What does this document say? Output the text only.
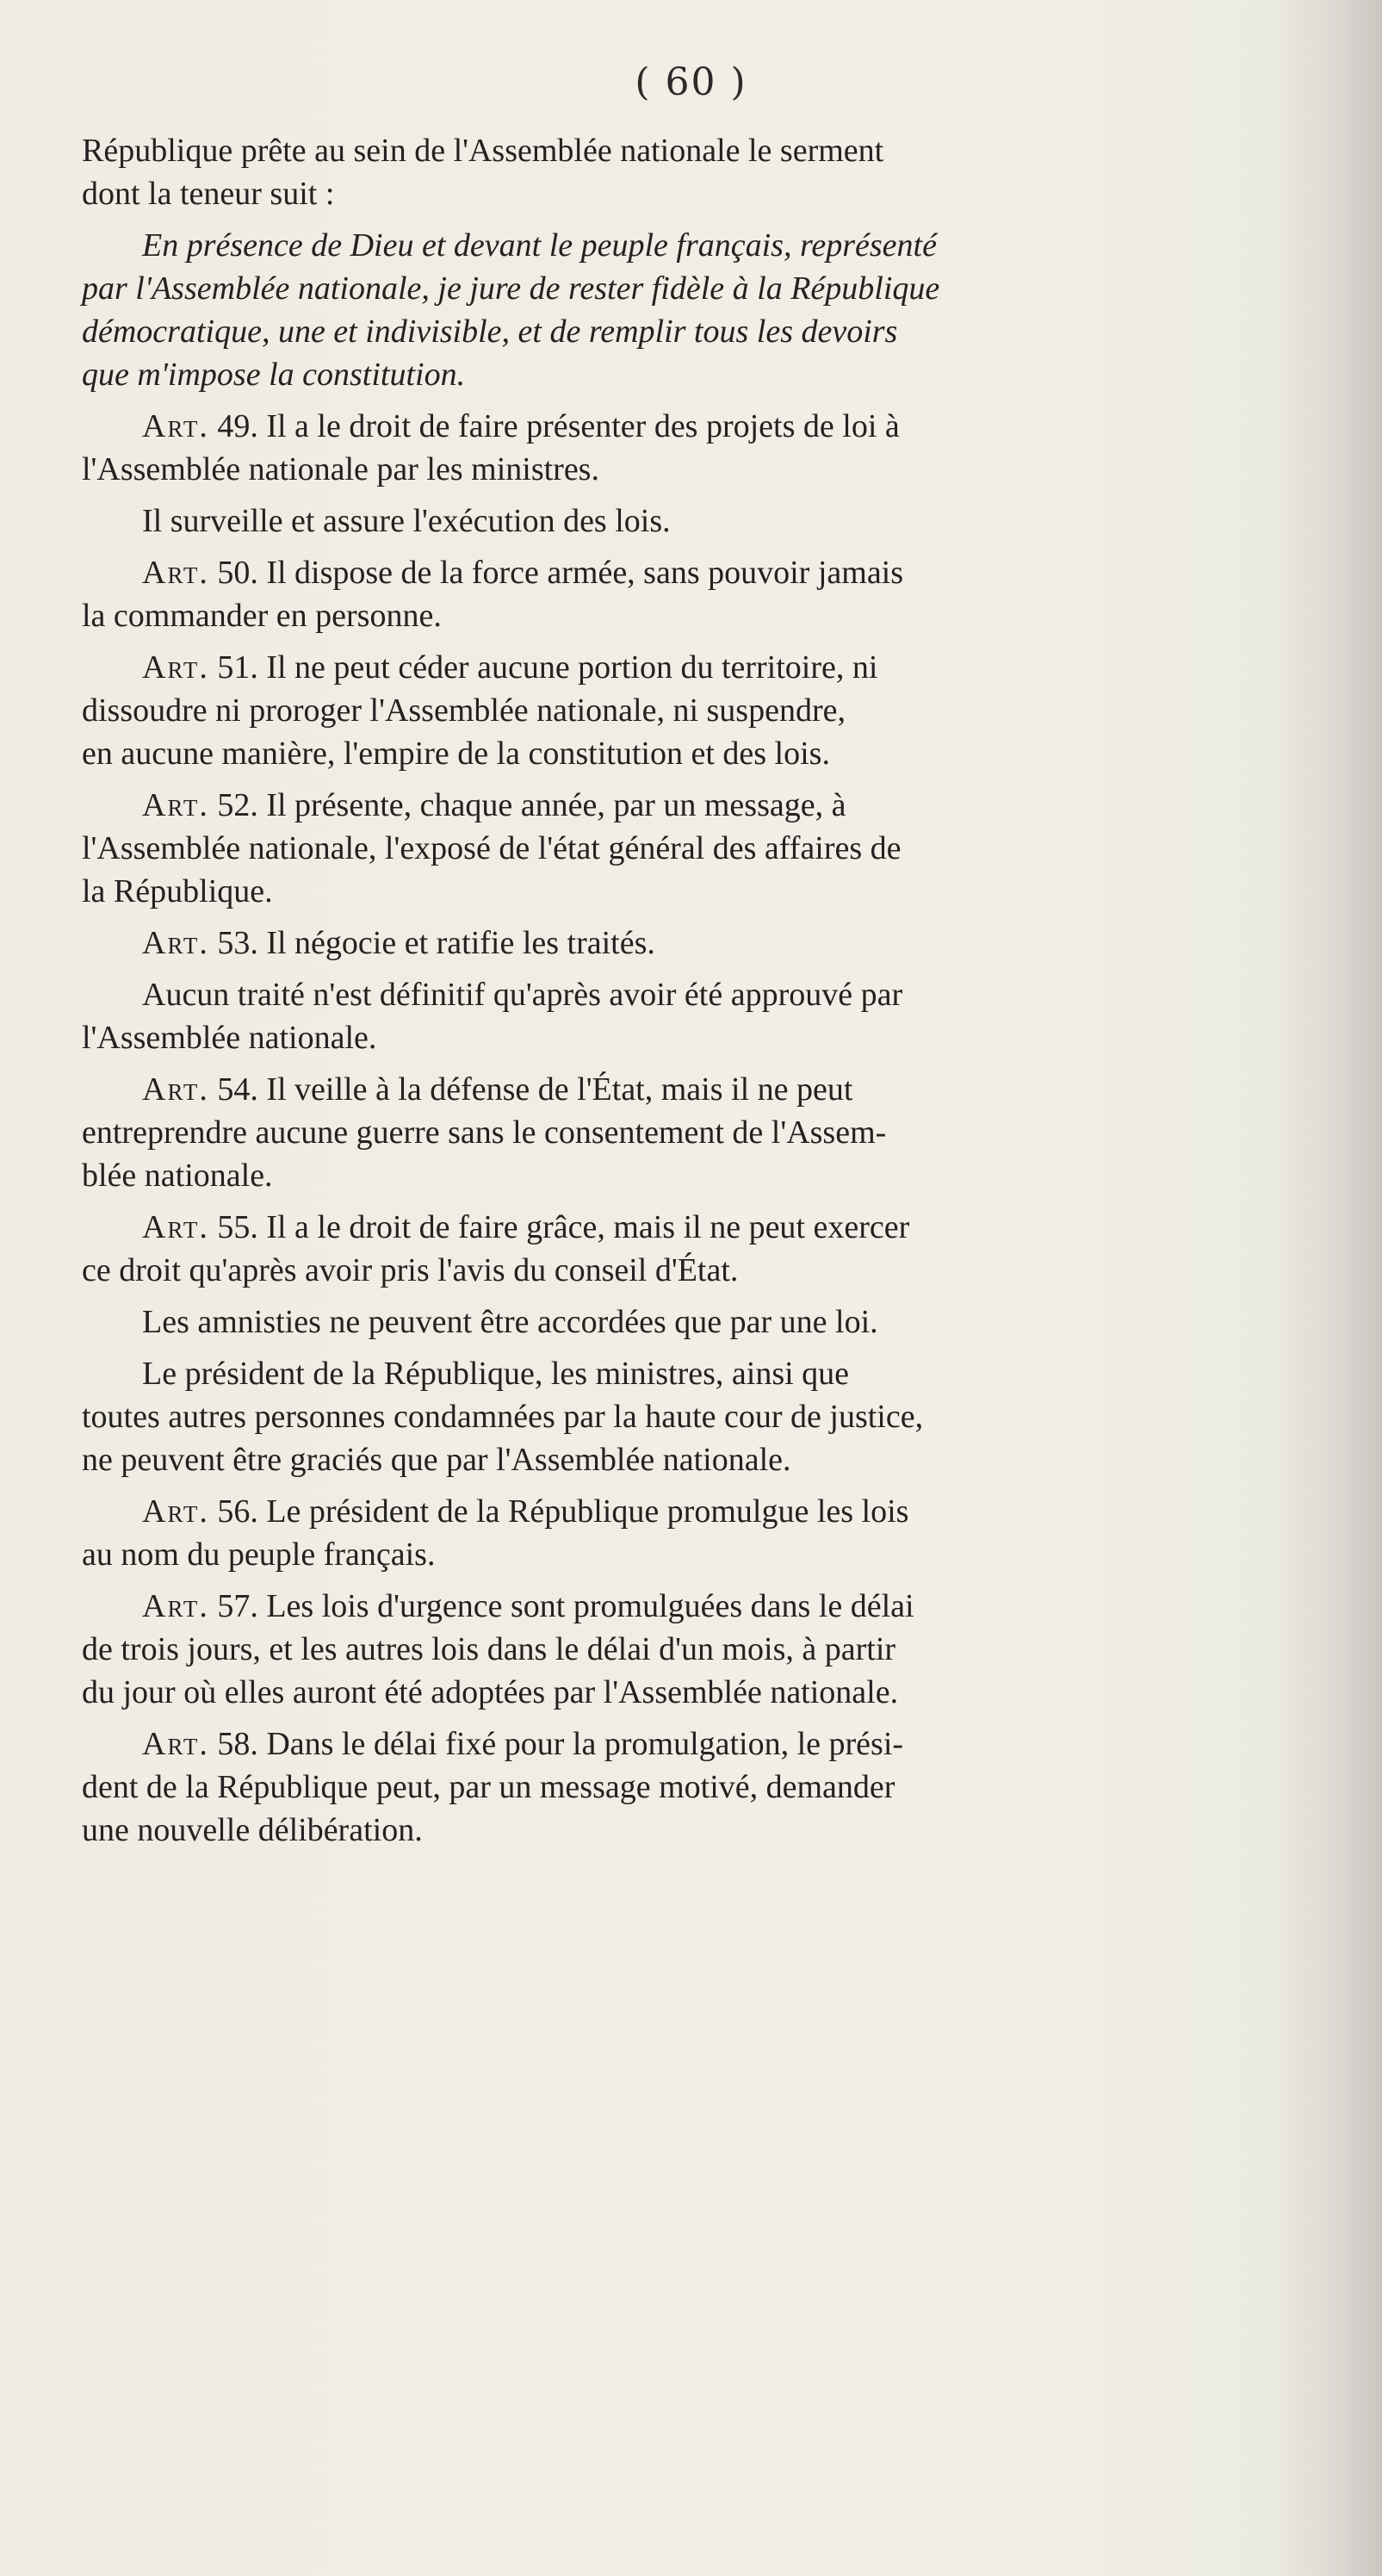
( 60 )
République prête au sein de l'Assemblée nationale le serment
dont la teneur suit :
En présence de Dieu et devant le peuple français, représenté
par l'Assemblée nationale, je jure de rester fidèle à la République
démocratique, une et indivisible, et de remplir tous les devoirs
que m'impose la constitution.
Art. 49. Il a le droit de faire présenter des projets de loi à
l'Assemblée nationale par les ministres.
Il surveille et assure l'exécution des lois.
Art. 50. Il dispose de la force armée, sans pouvoir jamais
la commander en personne.
Art. 51. Il ne peut céder aucune portion du territoire, ni
dissoudre ni proroger l'Assemblée nationale, ni suspendre,
en aucune manière, l'empire de la constitution et des lois.
Art. 52. Il présente, chaque année, par un message, à
l'Assemblée nationale, l'exposé de l'état général des affaires de
la République.
Art. 53. Il négocie et ratifie les traités.
Aucun traité n'est définitif qu'après avoir été approuvé par
l'Assemblée nationale.
Art. 54. Il veille à la défense de l'État, mais il ne peut
entreprendre aucune guerre sans le consentement de l'Assem-
blée nationale.
Art. 55. Il a le droit de faire grâce, mais il ne peut exercer
ce droit qu'après avoir pris l'avis du conseil d'État.
Les amnisties ne peuvent être accordées que par une loi.
Le président de la République, les ministres, ainsi que
toutes autres personnes condamnées par la haute cour de justice,
ne peuvent être graciés que par l'Assemblée nationale.
Art. 56. Le président de la République promulgue les lois
au nom du peuple français.
Art. 57. Les lois d'urgence sont promulguées dans le délai
de trois jours, et les autres lois dans le délai d'un mois, à partir
du jour où elles auront été adoptées par l'Assemblée nationale.
Art. 58. Dans le délai fixé pour la promulgation, le prési-
dent de la République peut, par un message motivé, demander
une nouvelle délibération.
